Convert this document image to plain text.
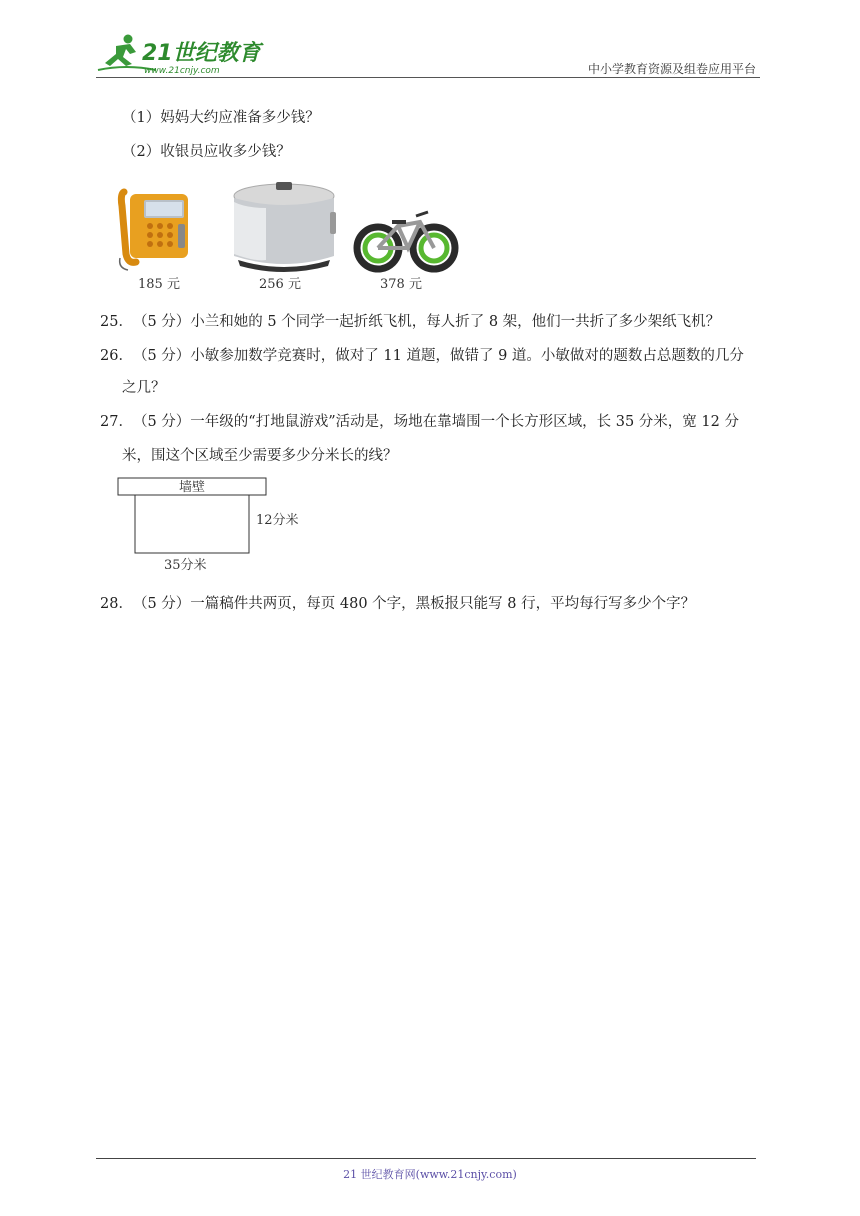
21世纪教育
www.21cnjy.com	中小学教育资源及组卷应用平台
（1）妈妈大约应准备多少钱？
（2）收银员应收多少钱？
185 元	256 元	378 元
25．（5 分）小兰和她的 5 个同学一起折纸飞机，每人折了 8 架，他们一共折了多少架纸飞机？
26．（5 分）小敏参加数学竞赛时，做对了 11 道题，做错了 9 道。小敏做对的题数占总题数的几分
之几？
27．（5 分）一年级的“打地鼠游戏”活动是，场地在靠墙围一个长方形区域，长 35 分米，宽 12 分
米，围这个区域至少需要多少分米长的线？
墙壁
12分米
35分米
28．（5 分）一篇稿件共两页，每页 480 个字，黑板报只能写 8 行，平均每行写多少个字？
21 世纪教育网(www.21cnjy.com)
